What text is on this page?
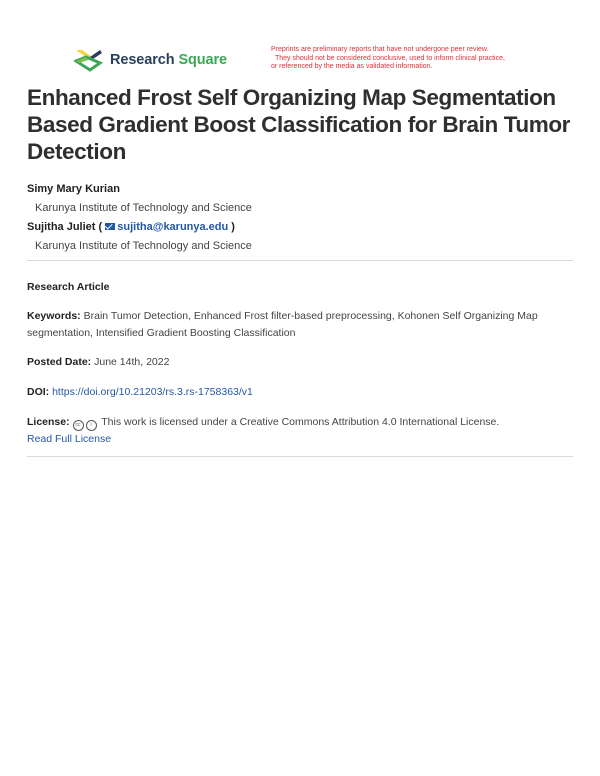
Research Square
Preprints are preliminary reports that have not undergone peer review.
They should not be considered conclusive, used to inform clinical practice,
or referenced by the media as validated information.
Enhanced Frost Self Organizing Map Segmentation Based Gradient Boost Classification for Brain Tumor Detection
Simy Mary Kurian
Karunya Institute of Technology and Science
Sujitha Juliet ( sujitha@karunya.edu )
Karunya Institute of Technology and Science
Research Article
Keywords: Brain Tumor Detection, Enhanced Frost filter-based preprocessing, Kohonen Self Organizing Map segmentation, Intensified Gradient Boosting Classification
Posted Date: June 14th, 2022
DOI: https://doi.org/10.21203/rs.3.rs-1758363/v1
License: cc i This work is licensed under a Creative Commons Attribution 4.0 International License.
Read Full License
